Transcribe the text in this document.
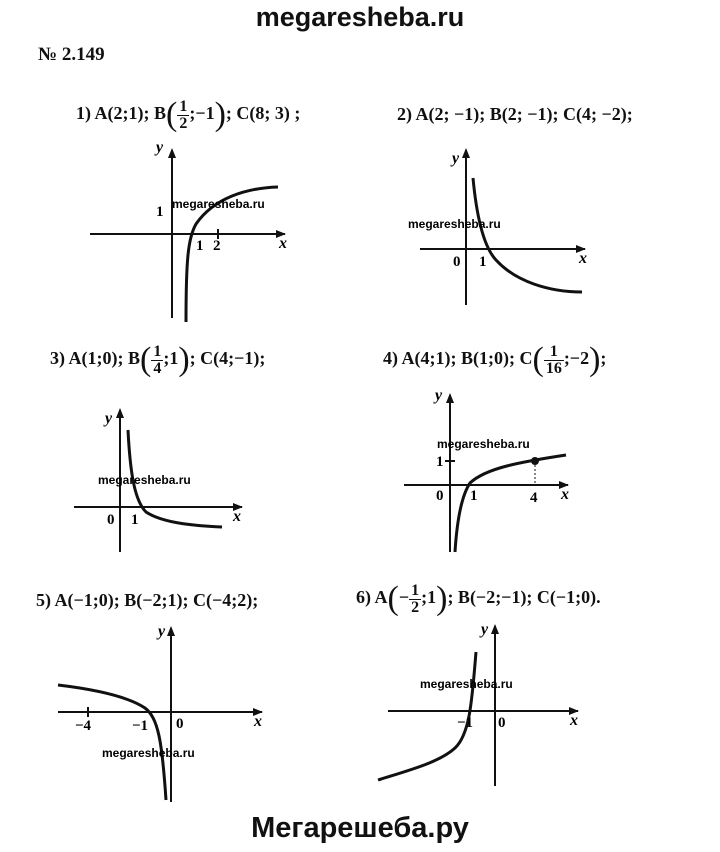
megaresheba.ru
№ 2.149
1) A(2;1); $B( \frac{1}{2}$ ;−1); C(8; 3) ;	2) A(2; −1); B(2; −1); C(4; −2);
3) A(1;0); $B( \frac{1}{4}$ ;1); C(4;−1);	4) A(4;1); B(1;0); $C( \frac{1}{16}$ ;−2);
5) A(−1;0); B(−2;1); C(−4;2);	6) $A(- \frac{1}{2}$ ;1); B(−2;−1); C(−1;0).
y
x
1
1 2
megaresheba.ru
y
x
0 1
megaresheba.ru
y
x
0 1
megaresheba.ru
y
x
0 1
1
4
megaresheba.ru
y
x
0
−4	−1
megaresheba.ru
y
x
0
−1
megaresheba.ru
Мегарешеба.ру
